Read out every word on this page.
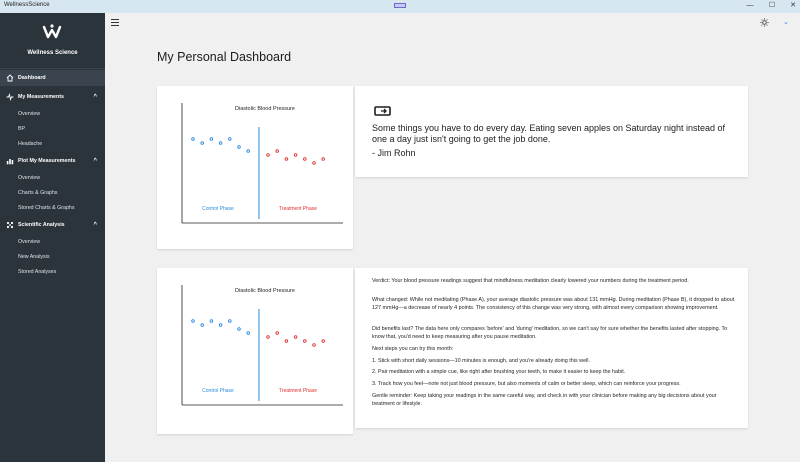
WellnessScience	—	☐	✕
Wellness Science
Dashboard
My Measurements	^
Overview
BP
Headache
Plot My Measurements	^
Overview
Charts & Graphs
Stored Charts & Graphs
Scientific Analysis	^
Overview
New Analysis
Stored Analyses
⌄
My Personal Dashboard
Diastolic Blood Pressure
Control Phase	Treatment Phase
Some things you have to do every day. Eating seven apples on Saturday night instead of one a day just isn't going to get the job done.
- Jim Rohn
Diastolic Blood Pressure
Control Phase	Treatment Phase
Verdict: Your blood pressure readings suggest that mindfulness meditation clearly lowered your numbers during the treatment period.
What changed: While not meditating (Phase A), your average diastolic pressure was about 131 mmHg. During meditation (Phase B), it dropped to about 127 mmHg—a decrease of nearly 4 points. The consistency of this change was very strong, with almost every comparison showing improvement.
Did benefits last? The data here only compares 'before' and 'during' meditation, so we can't say for sure whether the benefits lasted after stopping. To know that, you'd need to keep measuring after you pause meditation.
Next steps you can try this month:
1. Stick with short daily sessions—10 minutes is enough, and you're already doing this well.
2. Pair meditation with a simple cue, like right after brushing your teeth, to make it easier to keep the habit.
3. Track how you feel—note not just blood pressure, but also moments of calm or better sleep, which can reinforce your progress.
Gentle reminder: Keep taking your readings in the same careful way, and check in with your clinician before making any big decisions about your treatment or lifestyle.
